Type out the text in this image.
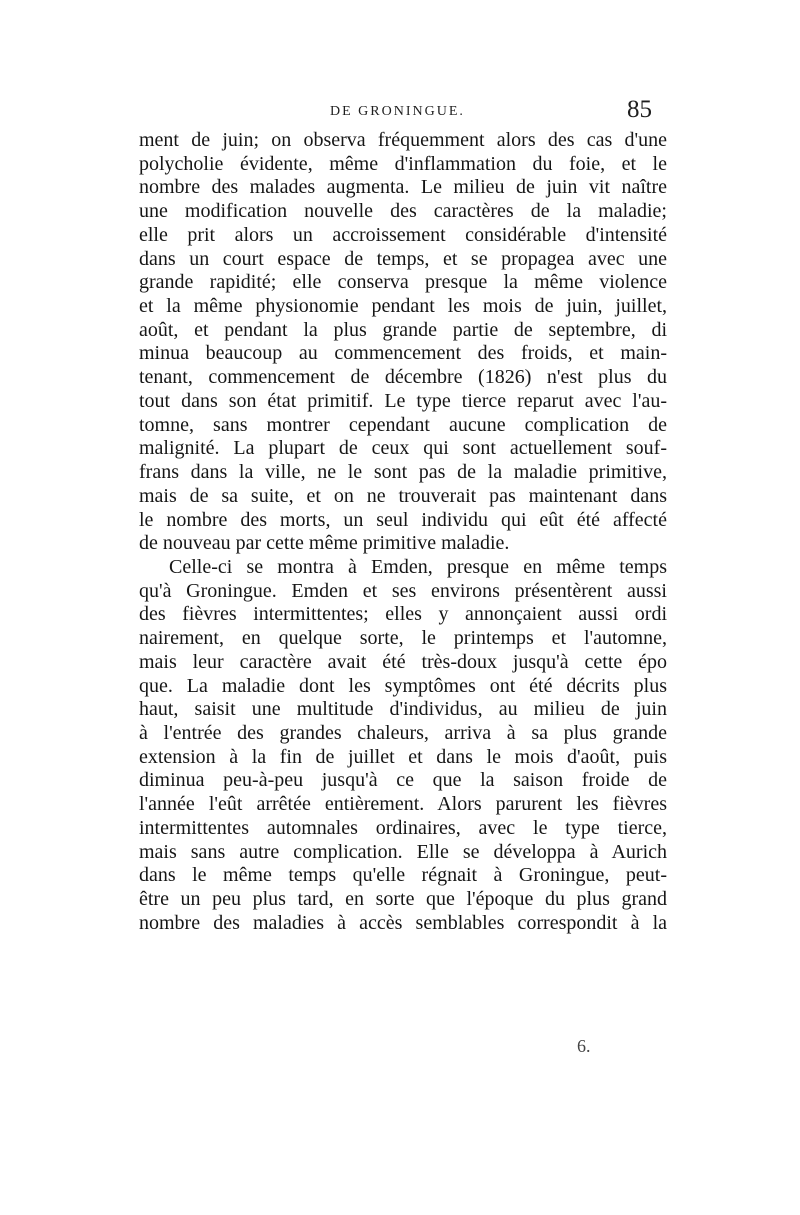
DE GRONINGUE.	85
ment de juin; on observa fréquemment alors des cas d'une
polycholie évidente, même d'inflammation du foie, et le
nombre des malades augmenta. Le milieu de juin vit naître
une modification nouvelle des caractères de la maladie;
elle prit alors un accroissement considérable d'intensité
dans un court espace de temps, et se propagea avec une
grande rapidité; elle conserva presque la même violence
et la même physionomie pendant les mois de juin, juillet,
août, et pendant la plus grande partie de septembre, di
minua beaucoup au commencement des froids, et main-
tenant, commencement de décembre (1826) n'est plus du
tout dans son état primitif. Le type tierce reparut avec l'au-
tomne, sans montrer cependant aucune complication de
malignité. La plupart de ceux qui sont actuellement souf-
frans dans la ville, ne le sont pas de la maladie primitive,
mais de sa suite, et on ne trouverait pas maintenant dans
le nombre des morts, un seul individu qui eût été affecté
de nouveau par cette même primitive maladie.
Celle-ci se montra à Emden, presque en même temps
qu'à Groningue. Emden et ses environs présentèrent aussi
des fièvres intermittentes; elles y annonçaient aussi ordi
nairement, en quelque sorte, le printemps et l'automne,
mais leur caractère avait été très-doux jusqu'à cette épo
que. La maladie dont les symptômes ont été décrits plus
haut, saisit une multitude d'individus, au milieu de juin
à l'entrée des grandes chaleurs, arriva à sa plus grande
extension à la fin de juillet et dans le mois d'août, puis
diminua peu-à-peu jusqu'à ce que la saison froide de
l'année l'eût arrêtée entièrement. Alors parurent les fièvres
intermittentes automnales ordinaires, avec le type tierce,
mais sans autre complication. Elle se développa à Aurich
dans le même temps qu'elle régnait à Groningue, peut-
être un peu plus tard, en sorte que l'époque du plus grand
nombre des maladies à accès semblables correspondit à la
6.
